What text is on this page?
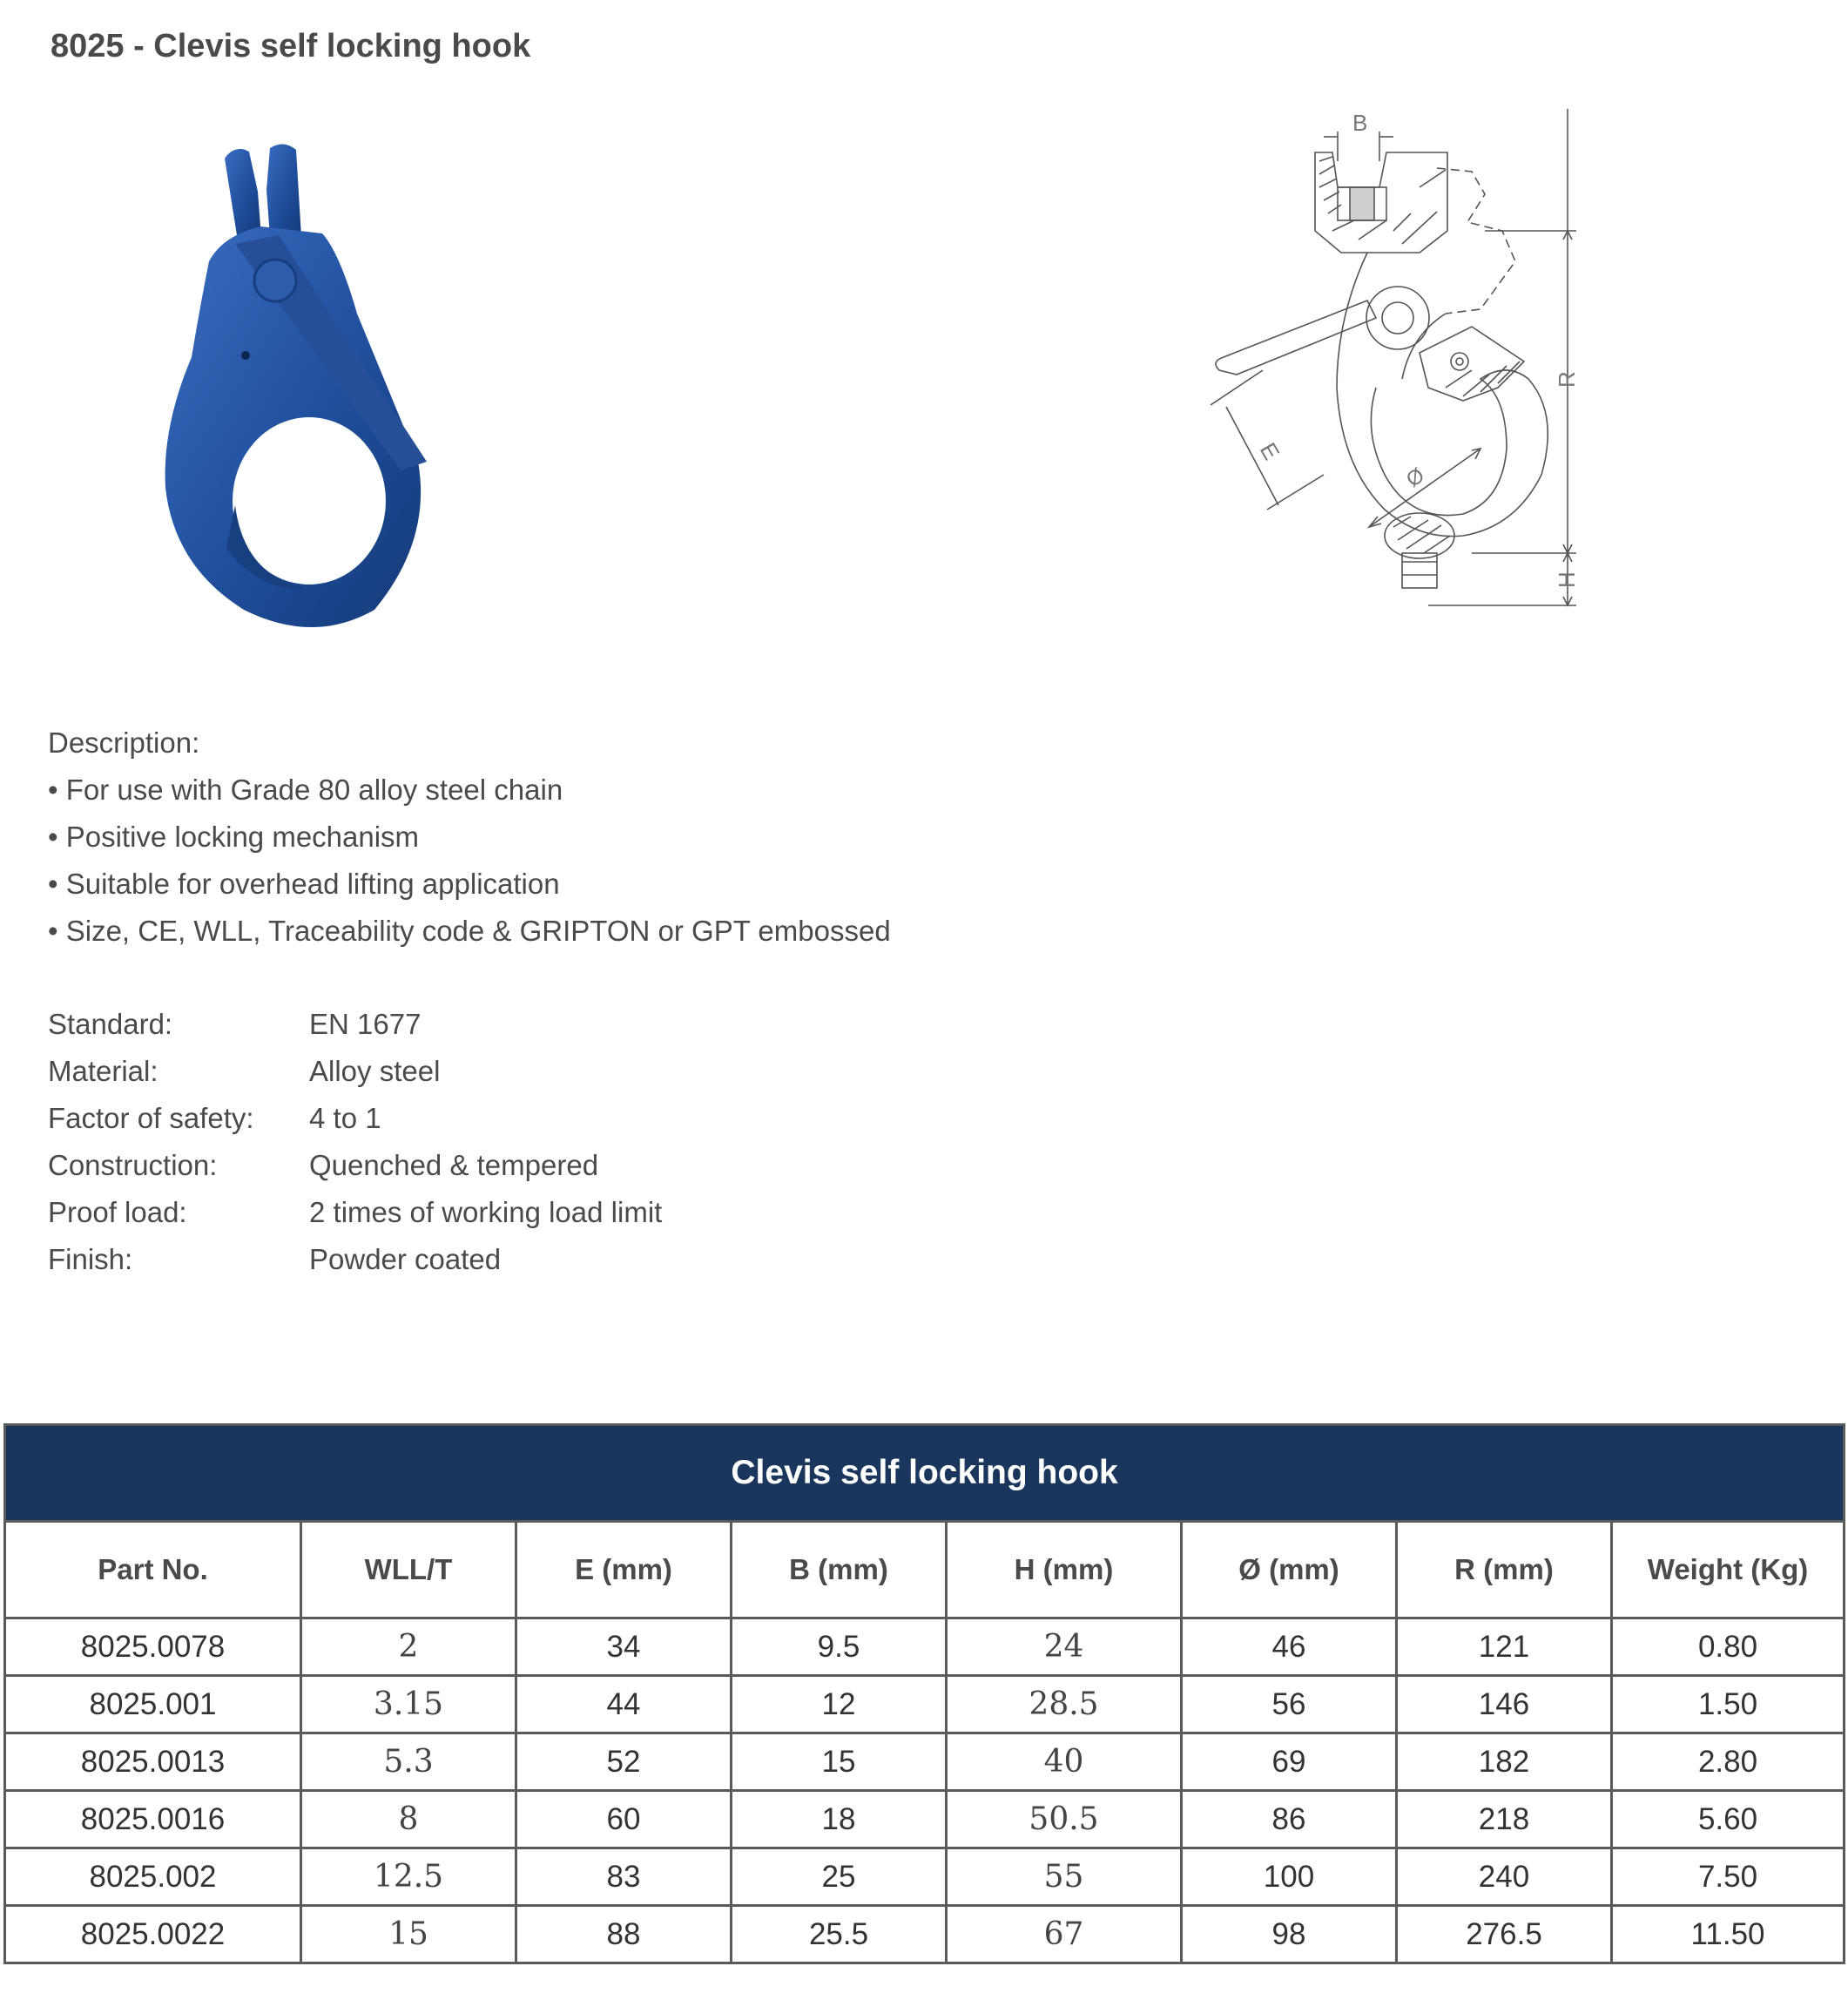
8025 - Clevis self locking hook
B
R
H
E
Ø
Description:
• For use with Grade 80 alloy steel chain
• Positive locking mechanism
• Suitable for overhead lifting application
• Size, CE, WLL, Traceability code & GRIPTON or GPT embossed
Standard:	EN 1677
Material:	Alloy steel
Factor of safety: 4 to 1
Construction:	Quenched & tempered
Proof load:	2 times of working load limit
Finish:	Powder coated
Clevis self locking hook							
Part No.	WLL/T	E (mm)	B (mm)	H (mm)	Ø (mm)	R (mm)	Weight (Kg)
8025.0078	2	34	9.5	24	46	121	0.80
8025.001	3.15	44	12	28.5	56	146	1.50
8025.0013	5.3	52	15	40	69	182	2.80
8025.0016	8	60	18	50.5	86	218	5.60
8025.002	12.5	83	25	55	100	240	7.50
8025.0022	15	88	25.5	67	98	276.5	11.50
